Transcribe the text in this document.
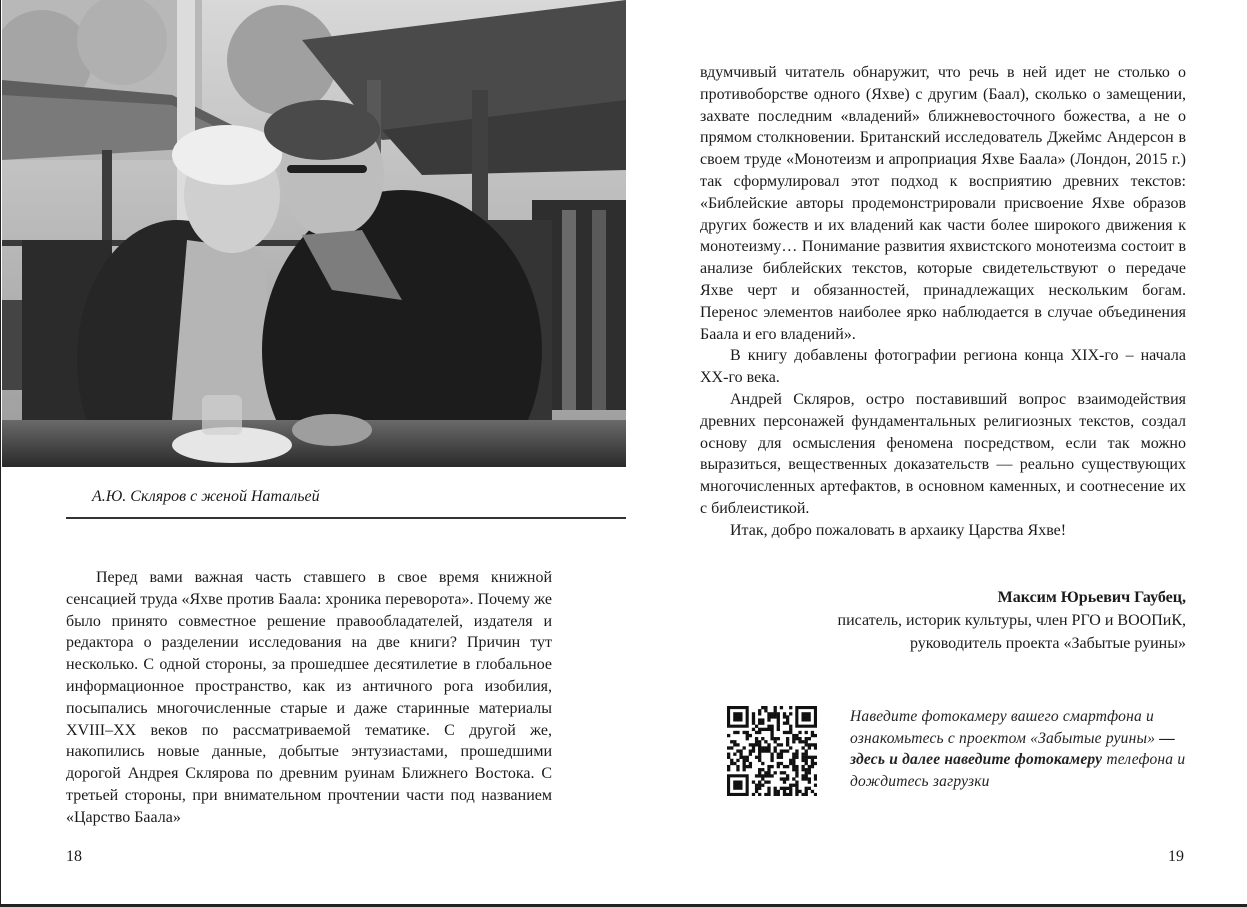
А.Ю. Скляров с женой Натальей

Перед вами важная часть ставшего в свое время книжной сенсацией труда «Яхве против Баала: хроника переворота». Почему же было принято совместное решение правообладателей, издателя и редактора о разделении исследования на две книги? Причин тут несколько. С одной стороны, за прошедшее десятилетие в глобальное информационное пространство, как из античного рога изобилия, посыпались многочисленные старые и даже старинные материалы XVIII–XX веков по рассматриваемой тематике. С другой же, накопились новые данные, добытые энтузиастами, прошедшими дорогой Андрея Склярова по древним руинам Ближнего Востока. С третьей стороны, при внимательном прочтении части под названием «Царство Баала»

18

вдумчивый читатель обнаружит, что речь в ней идет не столько о противоборстве одного (Яхве) с другим (Баал), сколько о замещении, захвате последним «владений» ближневосточного божества, а не о прямом столкновении. Британский исследователь Джеймс Андерсон в своем труде «Монотеизм и апроприация Яхве Баала» (Лондон, 2015 г.) так сформулировал этот подход к восприятию древних текстов: «Библейские авторы продемонстрировали присвоение Яхве образов других божеств и их владений как части более широкого движения к монотеизму… Понимание развития яхвистского монотеизма состоит в анализе библейских текстов, которые свидетельствуют о передаче Яхве черт и обязанностей, принадлежащих нескольким богам. Перенос элементов наиболее ярко наблюдается в случае объединения Баала и его владений».

В книгу добавлены фотографии региона конца XIX-го – начала XX-го века.

Андрей Скляров, остро поставивший вопрос взаимодействия древних персонажей фундаментальных религиозных текстов, создал основу для осмысления феномена посредством, если так можно выразиться, вещественных доказательств — реально существующих многочисленных артефактов, в основном каменных, и соотнесение их с библеистикой.

Итак, добро пожаловать в архаику Царства Яхве!

Максим Юрьевич Гаубец,
писатель, историк культуры, член РГО и ВООПиК,
руководитель проекта «Забытые руины»
Наведите фотокамеру вашего смартфона и ознакомьтесь с проектом «Забытые руины» — здесь и далее наведите фотокамеру телефона и дождитесь загрузки
19
